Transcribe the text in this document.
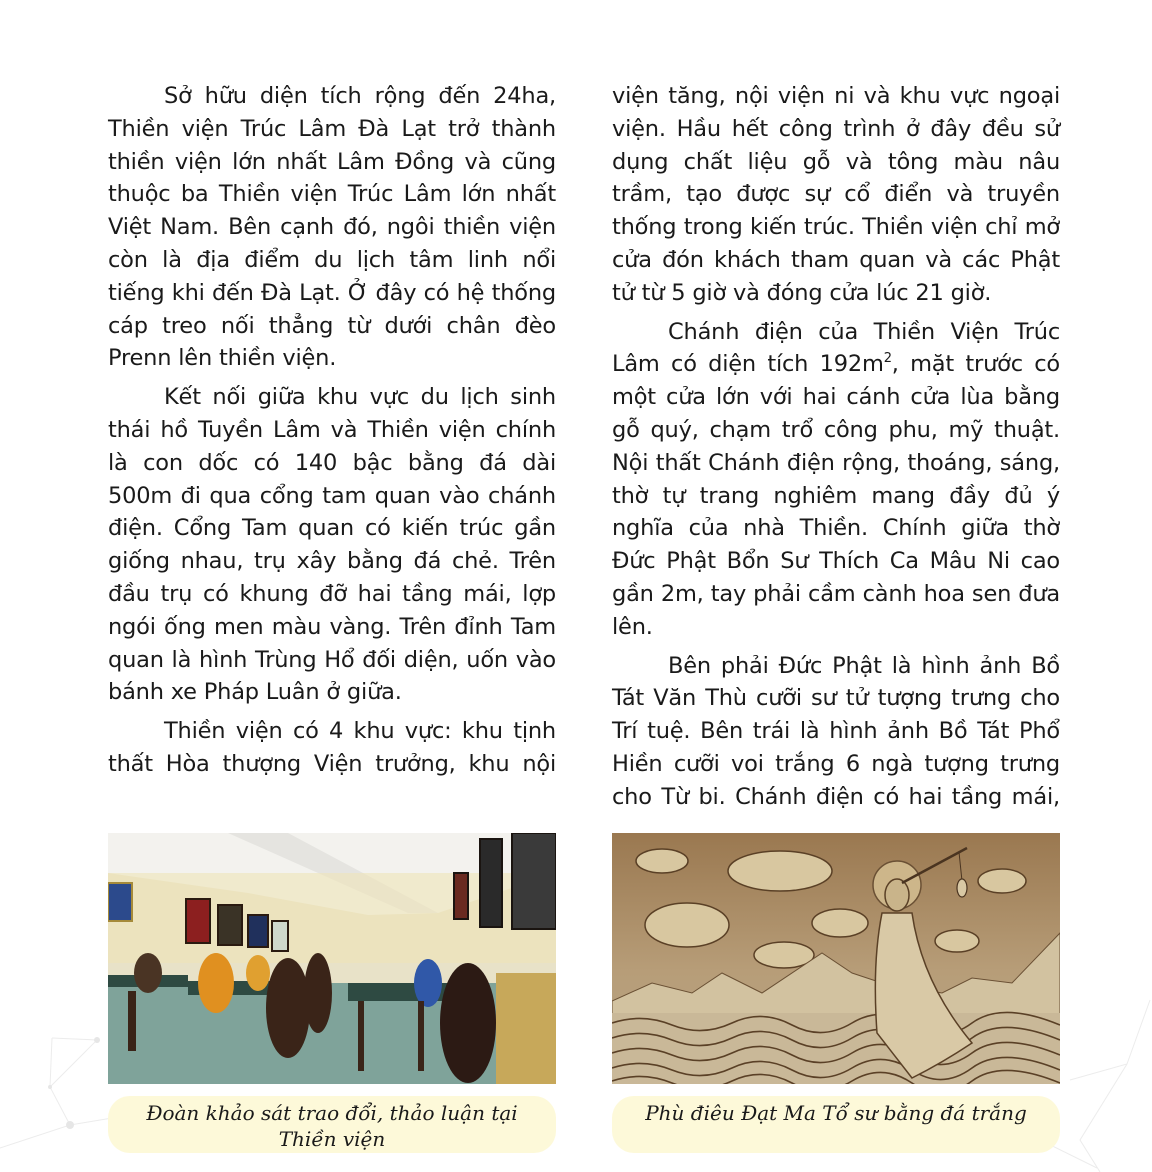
Sở hữu diện tích rộng đến 24ha, Thiền viện Trúc Lâm Đà Lạt trở thành thiền viện lớn nhất Lâm Đồng và cũng thuộc ba Thiền viện Trúc Lâm lớn nhất Việt Nam. Bên cạnh đó, ngôi thiền viện còn là địa điểm du lịch tâm linh nổi tiếng khi đến Đà Lạt. Ở đây có hệ thống cáp treo nối thẳng từ dưới chân đèo Prenn lên thiền viện.

Kết nối giữa khu vực du lịch sinh thái hồ Tuyền Lâm và Thiền viện chính là con dốc có 140 bậc bằng đá dài 500m đi qua cổng tam quan vào chánh điện. Cổng Tam quan có kiến trúc gần giống nhau, trụ xây bằng đá chẻ. Trên đầu trụ có khung đỡ hai tầng mái, lợp ngói ống men màu vàng. Trên đỉnh Tam quan là hình Trùng Hổ đối diện, uốn vào bánh xe Pháp Luân ở giữa.

Thiền viện có 4 khu vực: khu tịnh thất Hòa thượng Viện trưởng, khu nội

viện tăng, nội viện ni và khu vực ngoại viện. Hầu hết công trình ở đây đều sử dụng chất liệu gỗ và tông màu nâu trầm, tạo được sự cổ điển và truyền thống trong kiến trúc. Thiền viện chỉ mở cửa đón khách tham quan và các Phật tử từ 5 giờ và đóng cửa lúc 21 giờ.

Chánh điện của Thiền Viện Trúc Lâm có diện tích $192m^2$, mặt trước có một cửa lớn với hai cánh cửa lùa bằng gỗ quý, chạm trổ công phu, mỹ thuật. Nội thất Chánh điện rộng, thoáng, sáng, thờ tự trang nghiêm mang đầy đủ ý nghĩa của nhà Thiền. Chính giữa thờ Đức Phật Bổn Sư Thích Ca Mâu Ni cao gần 2m, tay phải cầm cành hoa sen đưa lên.

Bên phải Đức Phật là hình ảnh Bồ Tát Văn Thù cưỡi sư tử tượng trưng cho Trí tuệ. Bên trái là hình ảnh Bồ Tát Phổ Hiền cưỡi voi trắng 6 ngà tượng trưng cho Từ bi. Chánh điện có hai tầng mái,

Đoàn khảo sát trao đổi, thảo luận tại
Thiền viện
Phù điêu Đạt Ma Tổ sư bằng đá trắng
